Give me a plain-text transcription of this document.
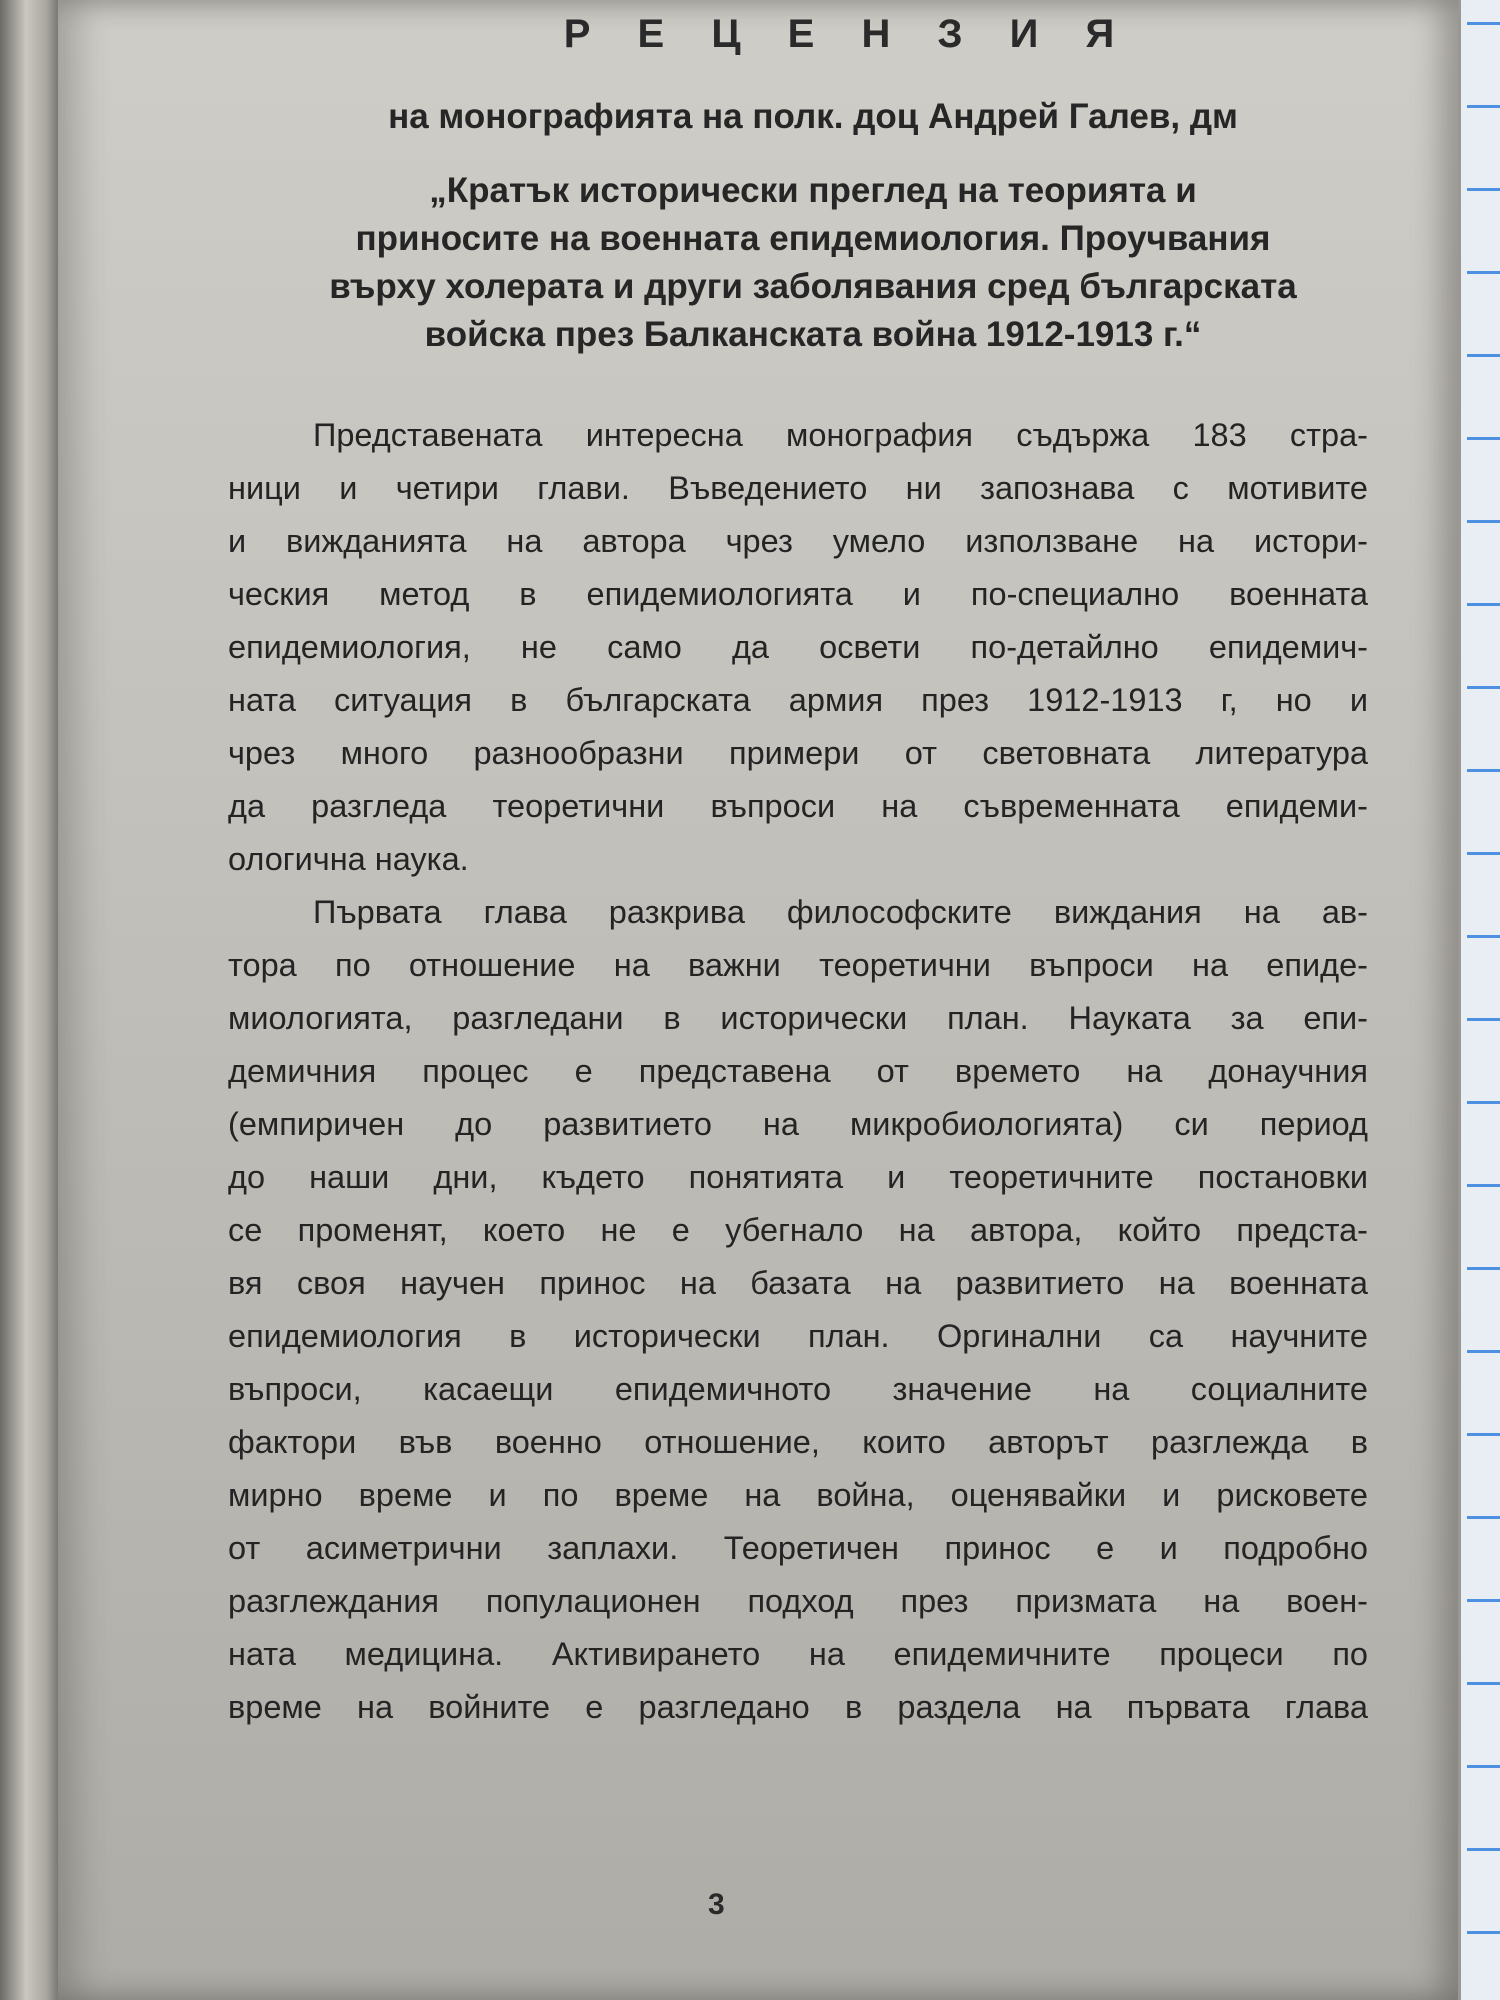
Р Е Ц Е Н З И Я
на монографията на полк. доц Андрей Галев, дм
„Кратък исторически преглед на теорията и
приносите на военната епидемиология. Проучвания
върху холерата и други заболявания сред българската
войска през Балканската война 1912-1913 г.“

Представената интересна монография съдържа 183 стра-
ници и четири глави. Въведението ни запознава с мотивите
и вижданията на автора чрез умело използване на истори-
ческия метод в епидемиологията и по-специално военната
епидемиология, не само да освети по-детайлно епидемич-
ната ситуация в българската армия през 1912-1913 г, но и
чрез много разнообразни примери от световната литература
да разгледа теоретични въпроси на съвременната епидеми-
ологична наука.

Първата глава разкрива философските виждания на ав-
тора по отношение на важни теоретични въпроси на епиде-
миологията, разгледани в исторически план. Науката за епи-
демичния процес е представена от времето на донаучния
(емпиричен до развитието на микробиологията) си период
до наши дни, където понятията и теоретичните постановки
се променят, което не е убегнало на автора, който предста-
вя своя научен принос на базата на развитието на военната
епидемиология в исторически план. Оргинални са научните
въпроси, касаещи епидемичното значение на социалните
фактори във военно отношение, които авторът разглежда в
мирно време и по време на война, оценявайки и рисковете
от асиметрични заплахи. Теоретичен принос е и подробно
разглеждания популационен подход през призмата на воен-
ната медицина. Активирането на епидемичните процеси по
време на войните е разгледано в раздела на първата глава

3
